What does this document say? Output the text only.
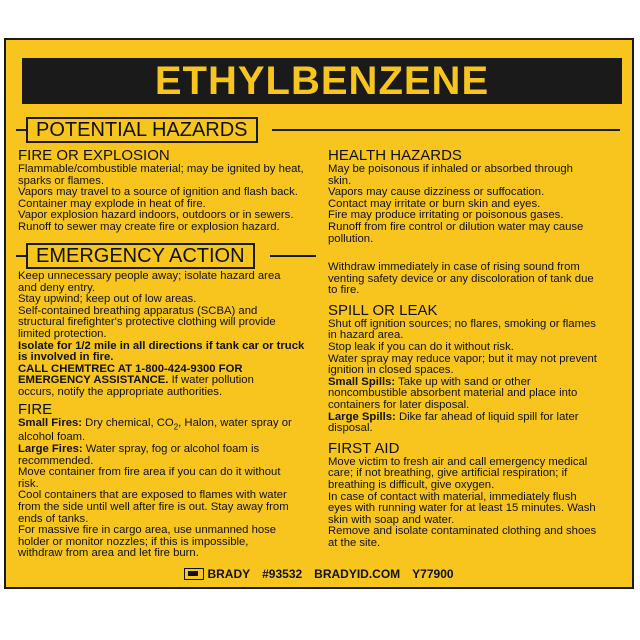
ETHYLBENZENE
POTENTIAL HAZARDS

FIRE OR EXPLOSION

Flammable/combustible material; may be ignited by heat,

sparks or flames.

Vapors may travel to a source of ignition and flash back.

Container may explode in heat of fire.

Vapor explosion hazard indoors, outdoors or in sewers.

Runoff to sewer may create fire or explosion hazard.

HEALTH HAZARDS

May be poisonous if inhaled or absorbed through

skin.

Vapors may cause dizziness or suffocation.

Contact may irritate or burn skin and eyes.

Fire may produce irritating or poisonous gases.

Runoff from fire control or dilution water may cause

pollution.

EMERGENCY ACTION

Keep unnecessary people away; isolate hazard area

and deny entry.

Stay upwind; keep out of low areas.

Self-contained breathing apparatus (SCBA) and

structural firefighter's protective clothing will provide

limited protection.

Isolate for 1/2 mile in all directions if tank car or truck

is involved in fire.

CALL CHEMTREC AT 1-800-424-9300 FOR

EMERGENCY ASSISTANCE. If water pollution

occurs, notify the appropriate authorities.

FIRE

Small Fires: Dry chemical, $CO_2$, Halon, water spray or

alcohol foam.

Large Fires: Water spray, fog or alcohol foam is

recommended.

Move container from fire area if you can do it without

risk.

Cool containers that are exposed to flames with water

from the side until well after fire is out. Stay away from

ends of tanks.

For massive fire in cargo area, use unmanned hose

holder or monitor nozzles; if this is impossible,

withdraw from area and let fire burn.

Withdraw immediately in case of rising sound from

venting safety device or any discoloration of tank due

to fire.

SPILL OR LEAK

Shut off ignition sources; no flares, smoking or flames

in hazard area.

Stop leak if you can do it without risk.

Water spray may reduce vapor; but it may not prevent

ignition in closed spaces.

Small Spills: Take up with sand or other

noncombustible absorbent material and place into

containers for later disposal.

Large Spills: Dike far ahead of liquid spill for later

disposal.

FIRST AID

Move victim to fresh air and call emergency medical

care; if not breathing, give artificial respiration; if

breathing is difficult, give oxygen.

In case of contact with material, immediately flush

eyes with running water for at least 15 minutes. Wash

skin with soap and water.

Remove and isolate contaminated clothing and shoes

at the site.

BRADY #93532 BRADYID.COM Y77900
